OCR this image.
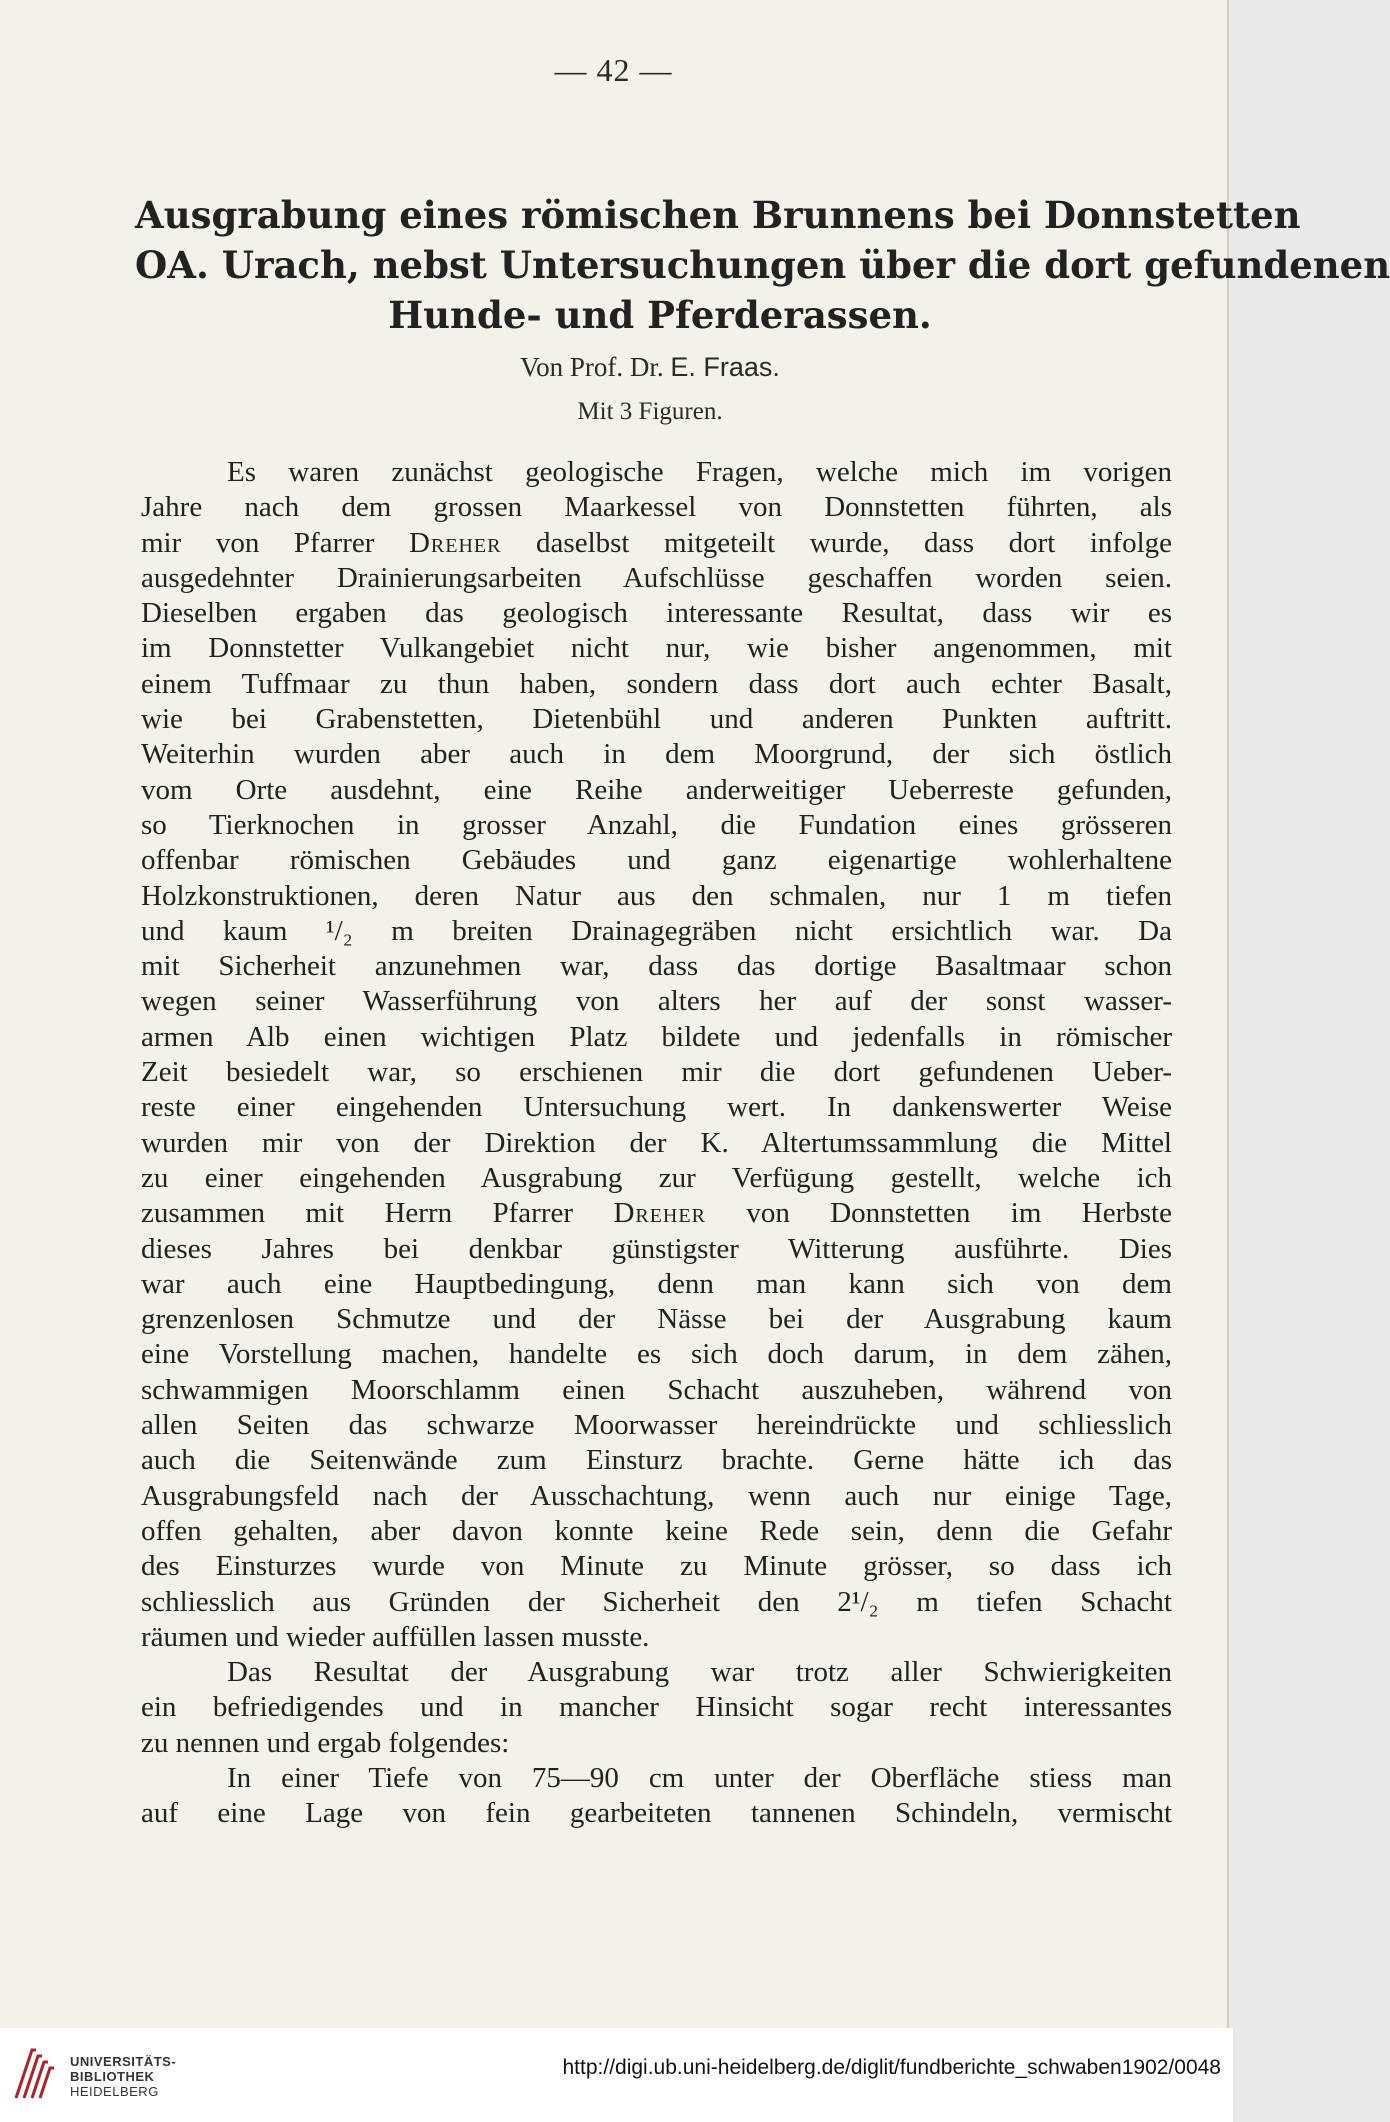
— 42 —
Ausgrabung eines römischen Brunnens bei Donnstetten
OA. Urach, nebst Untersuchungen über die dort gefundenen
Hunde- und Pferderassen.
Von Prof. Dr. E. Fraas.
Mit 3 Figuren.
Es waren zunächst geologische Fragen, welche mich im vorigen
Jahre nach dem grossen Maarkessel von Donnstetten führten, als
mir von Pfarrer Dreher daselbst mitgeteilt wurde, dass dort infolge
ausgedehnter Drainierungsarbeiten Aufschlüsse geschaffen worden seien.
Dieselben ergaben das geologisch interessante Resultat, dass wir es
im Donnstetter Vulkangebiet nicht nur, wie bisher angenommen, mit
einem Tuffmaar zu thun haben, sondern dass dort auch echter Basalt,
wie bei Grabenstetten, Dietenbühl und anderen Punkten auftritt.
Weiterhin wurden aber auch in dem Moorgrund, der sich östlich
vom Orte ausdehnt, eine Reihe anderweitiger Ueberreste gefunden,
so Tierknochen in grosser Anzahl, die Fundation eines grösseren
offenbar römischen Gebäudes und ganz eigenartige wohlerhaltene
Holzkonstruktionen, deren Natur aus den schmalen, nur 1 m tiefen
und kaum ¹/₂ m breiten Drainagegräben nicht ersichtlich war. Da
mit Sicherheit anzunehmen war, dass das dortige Basaltmaar schon
wegen seiner Wasserführung von alters her auf der sonst wasser-
armen Alb einen wichtigen Platz bildete und jedenfalls in römischer
Zeit besiedelt war, so erschienen mir die dort gefundenen Ueber-
reste einer eingehenden Untersuchung wert. In dankenswerter Weise
wurden mir von der Direktion der K. Altertumssammlung die Mittel
zu einer eingehenden Ausgrabung zur Verfügung gestellt, welche ich
zusammen mit Herrn Pfarrer Dreher von Donnstetten im Herbste
dieses Jahres bei denkbar günstigster Witterung ausführte. Dies
war auch eine Hauptbedingung, denn man kann sich von dem
grenzenlosen Schmutze und der Nässe bei der Ausgrabung kaum
eine Vorstellung machen, handelte es sich doch darum, in dem zähen,
schwammigen Moorschlamm einen Schacht auszuheben, während von
allen Seiten das schwarze Moorwasser hereindrückte und schliesslich
auch die Seitenwände zum Einsturz brachte. Gerne hätte ich das
Ausgrabungsfeld nach der Ausschachtung, wenn auch nur einige Tage,
offen gehalten, aber davon konnte keine Rede sein, denn die Gefahr
des Einsturzes wurde von Minute zu Minute grösser, so dass ich
schliesslich aus Gründen der Sicherheit den 2¹/₂ m tiefen Schacht
räumen und wieder auffüllen lassen musste.
Das Resultat der Ausgrabung war trotz aller Schwierigkeiten
ein befriedigendes und in mancher Hinsicht sogar recht interessantes
zu nennen und ergab folgendes:
In einer Tiefe von 75—90 cm unter der Oberfläche stiess man
auf eine Lage von fein gearbeiteten tannenen Schindeln, vermischt
UNIVERSITÄTS-
BIBLIOTHEK
HEIDELBERG
http://digi.ub.uni-heidelberg.de/diglit/fundberichte_schwaben1902/0048
